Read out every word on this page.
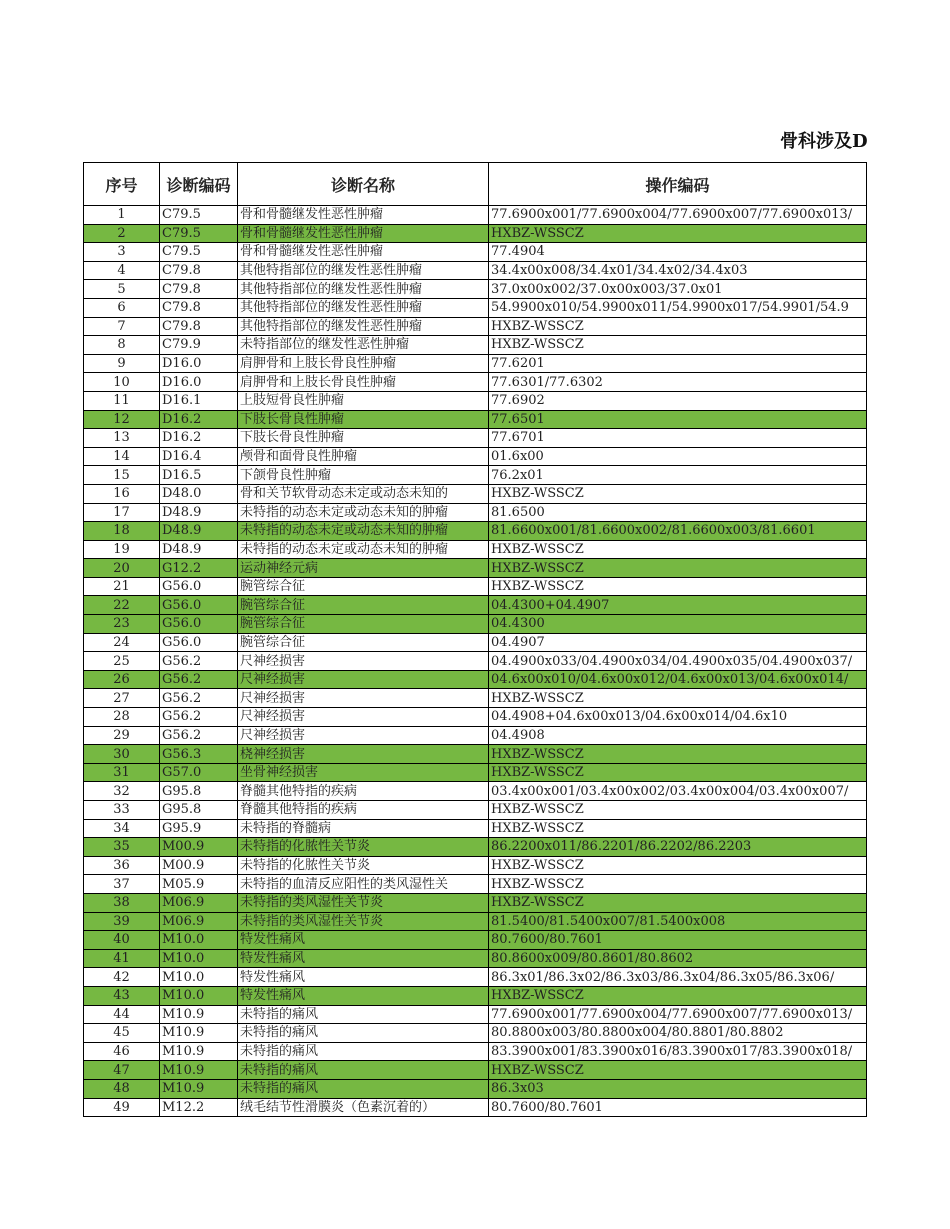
骨科涉及D
序号	诊断编码	诊断名称	操作编码
1	C79.5	骨和骨髓继发性恶性肿瘤	77.6900x001/77.6900x004/77.6900x007/77.6900x013/
2	C79.5	骨和骨髓继发性恶性肿瘤	HXBZ-WSSCZ
3	C79.5	骨和骨髓继发性恶性肿瘤	77.4904
4	C79.8	其他特指部位的继发性恶性肿瘤	34.4x00x008/34.4x01/34.4x02/34.4x03
5	C79.8	其他特指部位的继发性恶性肿瘤	37.0x00x002/37.0x00x003/37.0x01
6	C79.8	其他特指部位的继发性恶性肿瘤	54.9900x010/54.9900x011/54.9900x017/54.9901/54.9
7	C79.8	其他特指部位的继发性恶性肿瘤	HXBZ-WSSCZ
8	C79.9	未特指部位的继发性恶性肿瘤	HXBZ-WSSCZ
9	D16.0	肩胛骨和上肢长骨良性肿瘤	77.6201
10	D16.0	肩胛骨和上肢长骨良性肿瘤	77.6301/77.6302
11	D16.1	上肢短骨良性肿瘤	77.6902
12	D16.2	下肢长骨良性肿瘤	77.6501
13	D16.2	下肢长骨良性肿瘤	77.6701
14	D16.4	颅骨和面骨良性肿瘤	01.6x00
15	D16.5	下颌骨良性肿瘤	76.2x01
16	D48.0	骨和关节软骨动态未定或动态未知的	HXBZ-WSSCZ
17	D48.9	未特指的动态未定或动态未知的肿瘤	81.6500
18	D48.9	未特指的动态未定或动态未知的肿瘤	81.6600x001/81.6600x002/81.6600x003/81.6601
19	D48.9	未特指的动态未定或动态未知的肿瘤	HXBZ-WSSCZ
20	G12.2	运动神经元病	HXBZ-WSSCZ
21	G56.0	腕管综合征	HXBZ-WSSCZ
22	G56.0	腕管综合征	04.4300+04.4907
23	G56.0	腕管综合征	04.4300
24	G56.0	腕管综合征	04.4907
25	G56.2	尺神经损害	04.4900x033/04.4900x034/04.4900x035/04.4900x037/
26	G56.2	尺神经损害	04.6x00x010/04.6x00x012/04.6x00x013/04.6x00x014/
27	G56.2	尺神经损害	HXBZ-WSSCZ
28	G56.2	尺神经损害	04.4908+04.6x00x013/04.6x00x014/04.6x10
29	G56.2	尺神经损害	04.4908
30	G56.3	桡神经损害	HXBZ-WSSCZ
31	G57.0	坐骨神经损害	HXBZ-WSSCZ
32	G95.8	脊髓其他特指的疾病	03.4x00x001/03.4x00x002/03.4x00x004/03.4x00x007/
33	G95.8	脊髓其他特指的疾病	HXBZ-WSSCZ
34	G95.9	未特指的脊髓病	HXBZ-WSSCZ
35	M00.9	未特指的化脓性关节炎	86.2200x011/86.2201/86.2202/86.2203
36	M00.9	未特指的化脓性关节炎	HXBZ-WSSCZ
37	M05.9	未特指的血清反应阳性的类风湿性关	HXBZ-WSSCZ
38	M06.9	未特指的类风湿性关节炎	HXBZ-WSSCZ
39	M06.9	未特指的类风湿性关节炎	81.5400/81.5400x007/81.5400x008
40	M10.0	特发性痛风	80.7600/80.7601
41	M10.0	特发性痛风	80.8600x009/80.8601/80.8602
42	M10.0	特发性痛风	86.3x01/86.3x02/86.3x03/86.3x04/86.3x05/86.3x06/
43	M10.0	特发性痛风	HXBZ-WSSCZ
44	M10.9	未特指的痛风	77.6900x001/77.6900x004/77.6900x007/77.6900x013/
45	M10.9	未特指的痛风	80.8800x003/80.8800x004/80.8801/80.8802
46	M10.9	未特指的痛风	83.3900x001/83.3900x016/83.3900x017/83.3900x018/
47	M10.9	未特指的痛风	HXBZ-WSSCZ
48	M10.9	未特指的痛风	86.3x03
49	M12.2	绒毛结节性滑膜炎（色素沉着的）	80.7600/80.7601
